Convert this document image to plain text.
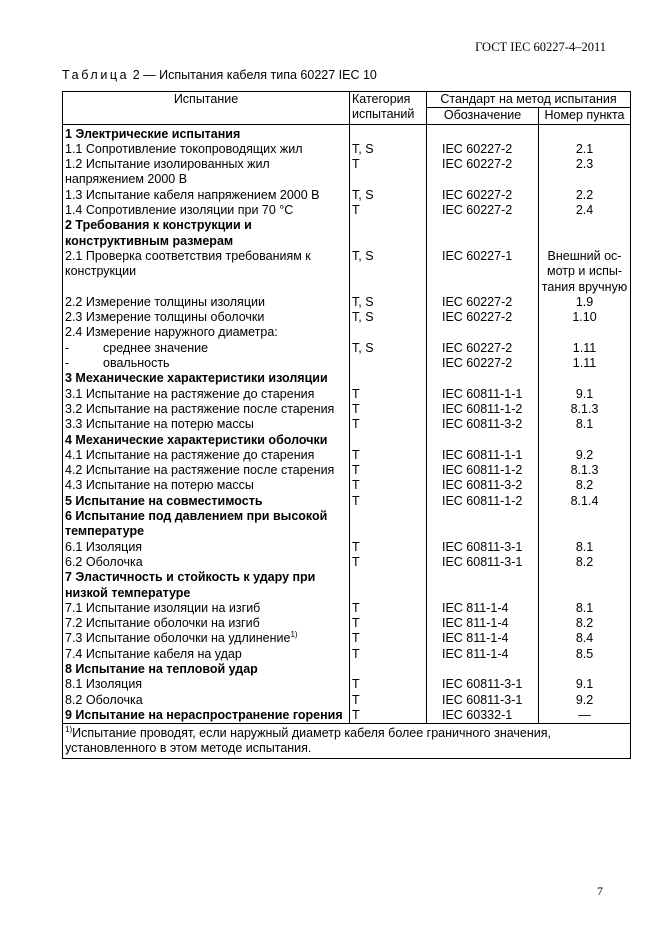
ГОСТ IEC 60227-4–2011
Таблица 2 — Испытания кабеля типа 60227 IEC 10
Испытание	Категория испытаний	Стандарт на метод испытания	
		Обозначение	Номер пункта
1 Электрические испытания			
1.1 Сопротивление токопроводящих жил	T, S	IEC 60227-2	2.1
1.2 Испытание изолированных жил напряжением 2000 В	T	IEC 60227-2	2.3
1.3 Испытание кабеля напряжением 2000 В	T, S	IEC 60227-2	2.2
1.4 Сопротивление изоляции при 70 °С	T	IEC 60227-2	2.4
2 Требования к конструкции и конструктивным размерам			
2.1 Проверка соответствия требованиям к конструкции	T, S	IEC 60227-1	Внешний ос-мотр и испы-тания вручную
2.2 Измерение толщины изоляции	T, S	IEC 60227-2	1.9
2.3 Измерение толщины оболочки	T, S	IEC 60227-2	1.10
2.4 Измерение наружного диаметра:			

- среднее значение	T, S	IEC 60227-2	1.11

- овальность		IEC 60227-2	1.11
3 Механические характеристики изоляции			
3.1 Испытание на растяжение до старения	T	IEC 60811-1-1	9.1
3.2 Испытание на растяжение после старения	T	IEC 60811-1-2	8.1.3
3.3 Испытание на потерю массы	T	IEC 60811-3-2	8.1
4 Механические характеристики оболочки			
4.1 Испытание на растяжение до старения	T	IEC 60811-1-1	9.2
4.2 Испытание на растяжение после старения	T	IEC 60811-1-2	8.1.3
4.3 Испытание на потерю массы	T	IEC 60811-3-2	8.2
5 Испытание на совместимость	T	IEC 60811-1-2	8.1.4
6 Испытание под давлением при высокой температуре			
6.1 Изоляция	T	IEC 60811-3-1	8.1
6.2 Оболочка	T	IEC 60811-3-1	8.2
7 Эластичность и стойкость к удару при низкой температуре			
7.1 Испытание изоляции на изгиб	T	IEC 811-1-4	8.1
7.2 Испытание оболочки на изгиб	T	IEC 811-1-4	8.2
7.3 Испытание оболочки на удлинение$^{1)}$	T	IEC 811-1-4	8.4
7.4 Испытание кабеля на удар	T	IEC 811-1-4	8.5
8 Испытание на тепловой удар			
8.1 Изоляция	T	IEC 60811-3-1	9.1
8.2 Оболочка	T	IEC 60811-3-1	9.2
9 Испытание на нераспространение горения	T	IEC 60332-1	—
$^{1)}$Испытание проводят, если наружный диаметр кабеля более граничного значения, установленного в этом методе испытания.			
7
